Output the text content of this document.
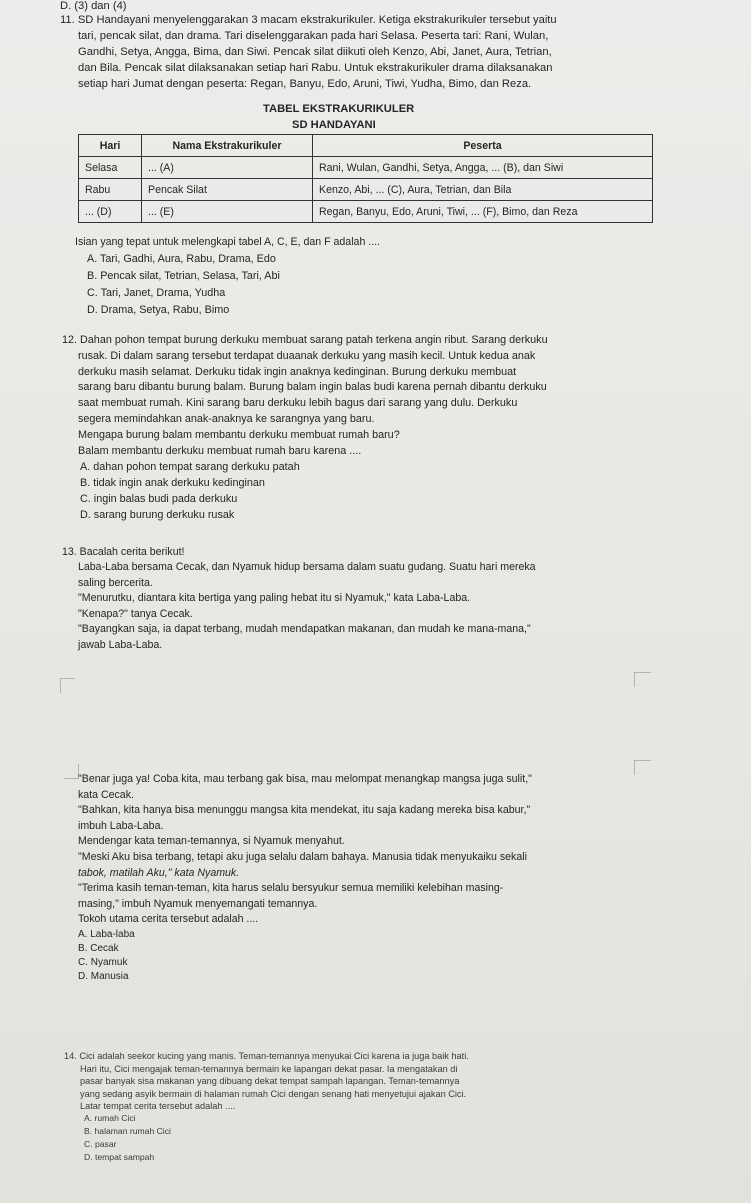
D. (3) dan (4)
11. SD Handayani menyelenggarakan 3 macam ekstrakurikuler. Ketiga ekstrakurikuler tersebut yaitu
tari, pencak silat, dan drama. Tari diselenggarakan pada hari Selasa. Peserta tari: Rani, Wulan,
Gandhi, Setya, Angga, Bima, dan Siwi. Pencak silat diikuti oleh Kenzo, Abi, Janet, Aura, Tetrian,
dan Bila. Pencak silat dilaksanakan setiap hari Rabu. Untuk ekstrakurikuler drama dilaksanakan
setiap hari Jumat dengan peserta: Regan, Banyu, Edo, Aruni, Tiwi, Yudha, Bimo, dan Reza.
TABEL EKSTRAKURIKULER
SD HANDAYANI
Hari	Nama Ekstrakurikuler	Peserta
Selasa	... (A)	Rani, Wulan, Gandhi, Setya, Angga, ... (B), dan Siwi
Rabu	Pencak Silat	Kenzo, Abi, ... (C), Aura, Tetrian, dan Bila
... (D)	... (E)	Regan, Banyu, Edo, Aruni, Tiwi, ... (F), Bimo, dan Reza
Isian yang tepat untuk melengkapi tabel A, C, E, dan F adalah ....
A. Tari, Gadhi, Aura, Rabu, Drama, Edo
B. Pencak silat, Tetrian, Selasa, Tari, Abi
C. Tari, Janet, Drama, Yudha
D. Drama, Setya, Rabu, Bimo
12. Dahan pohon tempat burung derkuku membuat sarang patah terkena angin ribut. Sarang derkuku
rusak. Di dalam sarang tersebut terdapat duaanak derkuku yang masih kecil. Untuk kedua anak
derkuku masih selamat. Derkuku tidak ingin anaknya kedinginan. Burung derkuku membuat
sarang baru dibantu burung balam. Burung balam ingin balas budi karena pernah dibantu derkuku
saat membuat rumah. Kini sarang baru derkuku lebih bagus dari sarang yang dulu. Derkuku
segera memindahkan anak-anaknya ke sarangnya yang baru.
Mengapa burung balam membantu derkuku membuat rumah baru?
Balam membantu derkuku membuat rumah baru karena ....
A. dahan pohon tempat sarang derkuku patah
B. tidak ingin anak derkuku kedinginan
C. ingin balas budi pada derkuku
D. sarang burung derkuku rusak
13. Bacalah cerita berikut!
Laba-Laba bersama Cecak, dan Nyamuk hidup bersama dalam suatu gudang. Suatu hari mereka
saling bercerita.
"Menurutku, diantara kita bertiga yang paling hebat itu si Nyamuk," kata Laba-Laba.
"Kenapa?" tanya Cecak.
"Bayangkan saja, ia dapat terbang, mudah mendapatkan makanan, dan mudah ke mana-mana,"
jawab Laba-Laba.
"Benar juga ya! Coba kita, mau terbang gak bisa, mau melompat menangkap mangsa juga sulit,"
kata Cecak.
"Bahkan, kita hanya bisa menunggu mangsa kita mendekat, itu saja kadang mereka bisa kabur,"
imbuh Laba-Laba.
Mendengar kata teman-temannya, si Nyamuk menyahut.
"Meski Aku bisa terbang, tetapi aku juga selalu dalam bahaya. Manusia tidak menyukaiku sekali
tabok, matilah Aku," kata Nyamuk.
"Terima kasih teman-teman, kita harus selalu bersyukur semua memiliki kelebihan masing-
masing," imbuh Nyamuk menyemangati temannya.
Tokoh utama cerita tersebut adalah ....
A. Laba-laba
B. Cecak
C. Nyamuk
D. Manusia
14. Cici adalah seekor kucing yang manis. Teman-temannya menyukai Cici karena ia juga baik hati.
Hari itu, Cici mengajak teman-temannya bermain ke lapangan dekat pasar. Ia mengatakan di
pasar banyak sisa makanan yang dibuang dekat tempat sampah lapangan. Teman-temannya
yang sedang asyik bermain di halaman rumah Cici dengan senang hati menyetujui ajakan Cici.
Latar tempat cerita tersebut adalah ....
A. rumah Cici
B. halaman rumah Cici
C. pasar
D. tempat sampah
